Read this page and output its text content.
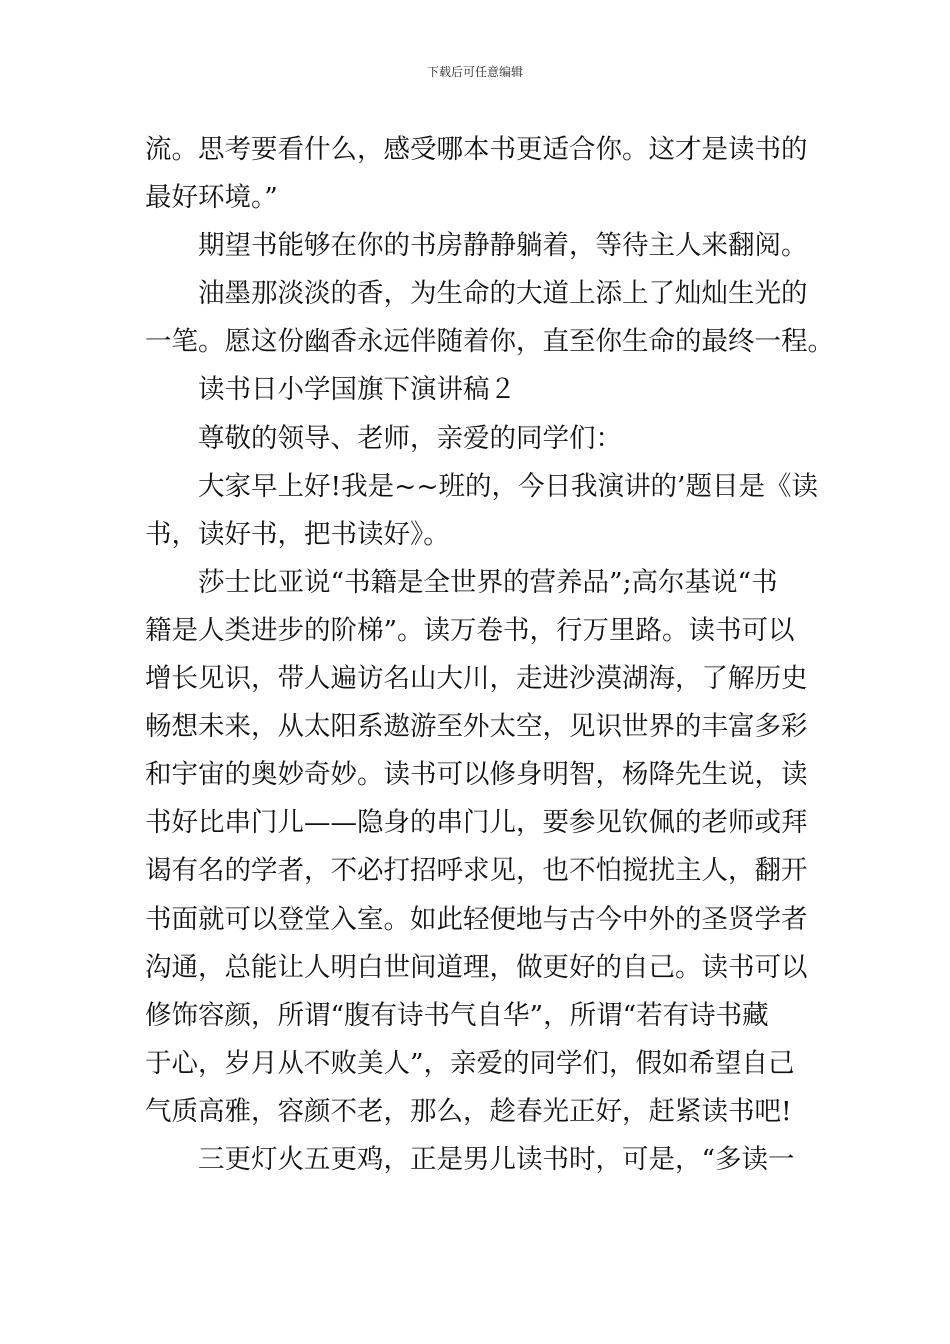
下载后可任意编辑
流。思考要看什么，感受哪本书更适合你。这才是读书的
最好环境。”
期望书能够在你的书房静静躺着，等待主人来翻阅。
油墨那淡淡的香，为生命的大道上添上了灿灿生光的
一笔。愿这份幽香永远伴随着你，直至你生命的最终一程。
读书日小学国旗下演讲稿２
尊敬的领导、老师，亲爱的同学们：
大家早上好!我是~~班的，今日我演讲的’题目是《读
书，读好书，把书读好》。
莎士比亚说“书籍是全世界的营养品”;高尔基说“书
籍是人类进步的阶梯”。读万卷书，行万里路。读书可以
增长见识，带人遍访名山大川，走进沙漠湖海，了解历史
畅想未来，从太阳系遨游至外太空，见识世界的丰富多彩
和宇宙的奥妙奇妙。读书可以修身明智，杨降先生说，读
书好比串门儿——隐身的串门儿，要参见钦佩的老师或拜
谒有名的学者，不必打招呼求见，也不怕搅扰主人，翻开
书面就可以登堂入室。如此轻便地与古今中外的圣贤学者
沟通，总能让人明白世间道理，做更好的自己。读书可以
修饰容颜，所谓“腹有诗书气自华”，所谓“若有诗书藏
于心，岁月从不败美人”，亲爱的同学们，假如希望自己
气质高雅，容颜不老，那么，趁春光正好，赶紧读书吧!
三更灯火五更鸡，正是男儿读书时，可是，“多读一
